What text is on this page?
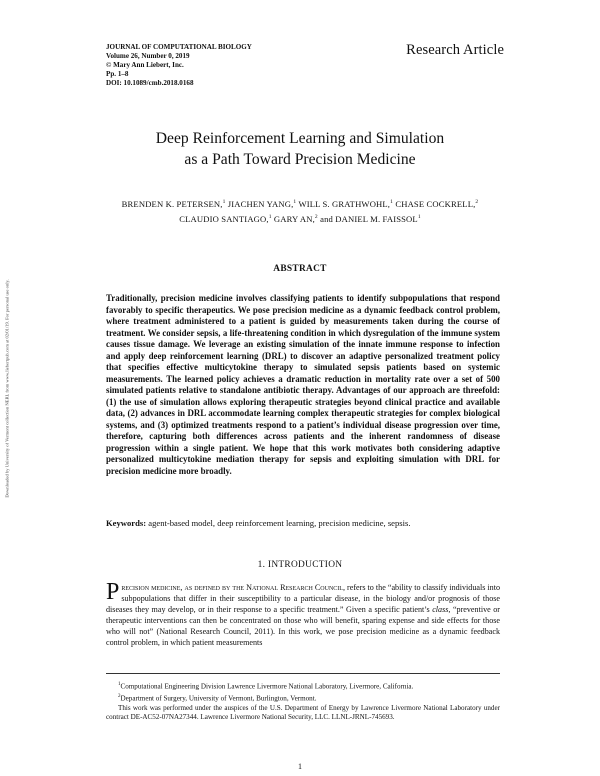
Downloaded by University of Vermont collection NERL from www.liebertpub.com at 02/01/19. For personal use only.
JOURNAL OF COMPUTATIONAL BIOLOGY
Volume 26, Number 0, 2019
© Mary Ann Liebert, Inc.
Pp. 1–8
DOI: 10.1089/cmb.2018.0168
Research Article
Deep Reinforcement Learning and Simulation
as a Path Toward Precision Medicine
BRENDEN K. PETERSEN,$^1$ JIACHEN YANG,$^1$ WILL S. GRATHWOHL,$^1$ CHASE COCKRELL,$^2$
CLAUDIO SANTIAGO,$^1$ GARY AN,$^2$ and DANIEL M. FAISSOL$^1$
ABSTRACT

Traditionally, precision medicine involves classifying patients to identify subpopulations that respond favorably to specific therapeutics. We pose precision medicine as a dynamic feedback control problem, where treatment administered to a patient is guided by measurements taken during the course of treatment. We consider sepsis, a life-threatening condition in which dysregulation of the immune system causes tissue damage. We leverage an existing simulation of the innate immune response to infection and apply deep reinforcement learning (DRL) to discover an adaptive personalized treatment policy that specifies effective multicytokine therapy to simulated sepsis patients based on systemic measurements. The learned policy achieves a dramatic reduction in mortality rate over a set of 500 simulated patients relative to standalone antibiotic therapy. Advantages of our approach are threefold: (1) the use of simulation allows exploring therapeutic strategies beyond clinical practice and available data, (2) advances in DRL accommodate learning complex therapeutic strategies for complex biological systems, and (3) optimized treatments respond to a patient’s individual disease progression over time, therefore, capturing both differences across patients and the inherent randomness of disease progression within a single patient. We hope that this work motivates both considering adaptive personalized multicytokine mediation therapy for sepsis and exploiting simulation with DRL for precision medicine more broadly.

Keywords: agent-based model, deep reinforcement learning, precision medicine, sepsis.

1. INTRODUCTION

Precision medicine, as defined by the National Research Council, refers to the “ability to classify individuals into subpopulations that differ in their susceptibility to a particular disease, in the biology and/or prognosis of those diseases they may develop, or in their response to a specific treatment.” Given a specific patient’s class, “preventive or therapeutic interventions can then be concentrated on those who will benefit, sparing expense and side effects for those who will not” (National Research Council, 2011). In this work, we pose precision medicine as a dynamic feedback control problem, in which patient measurements

$^1$Computational Engineering Division Lawrence Livermore National Laboratory, Livermore, California.
$^2$Department of Surgery, University of Vermont, Burlington, Vermont.
This work was performed under the auspices of the U.S. Department of Energy by Lawrence Livermore National Laboratory under contract DE-AC52-07NA27344. Lawrence Livermore National Security, LLC. LLNL-JRNL-745693.
1
